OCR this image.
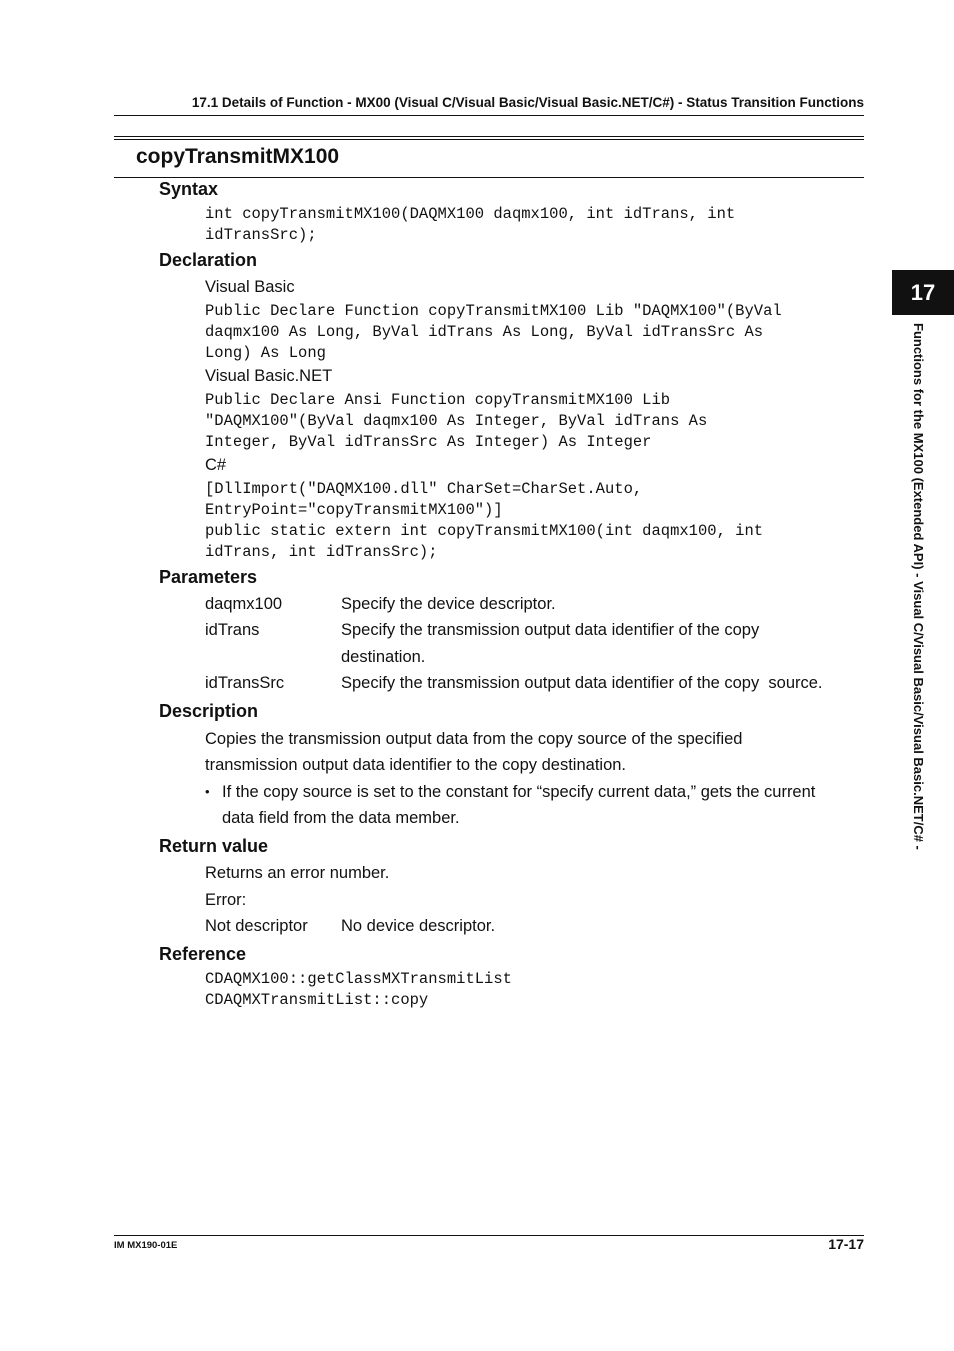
17.1 Details of Function - MX00 (Visual C/Visual Basic/Visual Basic.NET/C#) - Status Transition Functions
copyTransmitMX100
Syntax
int copyTransmitMX100(DAQMX100 daqmx100, int idTrans, int
idTransSrc);
Declaration
Visual Basic
Public Declare Function copyTransmitMX100 Lib "DAQMX100"(ByVal
daqmx100 As Long, ByVal idTrans As Long, ByVal idTransSrc As
Long) As Long
Visual Basic.NET
Public Declare Ansi Function copyTransmitMX100 Lib
"DAQMX100"(ByVal daqmx100 As Integer, ByVal idTrans As
Integer, ByVal idTransSrc As Integer) As Integer
C#
[DllImport("DAQMX100.dll" CharSet=CharSet.Auto,
EntryPoint="copyTransmitMX100")]
public static extern int copyTransmitMX100(int daqmx100, int
idTrans, int idTransSrc);
Parameters
daqmx100	Specify the device descriptor.
idTrans	Specify the transmission output data identifier of the copy
destination.
idTransSrc	Specify the transmission output data identifier of the copy  source.
Description
Copies the transmission output data from the copy source of the specified
transmission output data identifier to the copy destination.
• If the copy source is set to the constant for “specify current data,” gets the current
data field from the data member.
Return value
Returns an error number.
Error:
Not descriptor No device descriptor.
Reference
CDAQMX100::getClassMXTransmitList
CDAQMXTransmitList::copy
17
Functions for the MX100 (Extended API) - Visual C/Visual Basic/Visual Basic.NET/C# -
IM MX190-01E	17-17
